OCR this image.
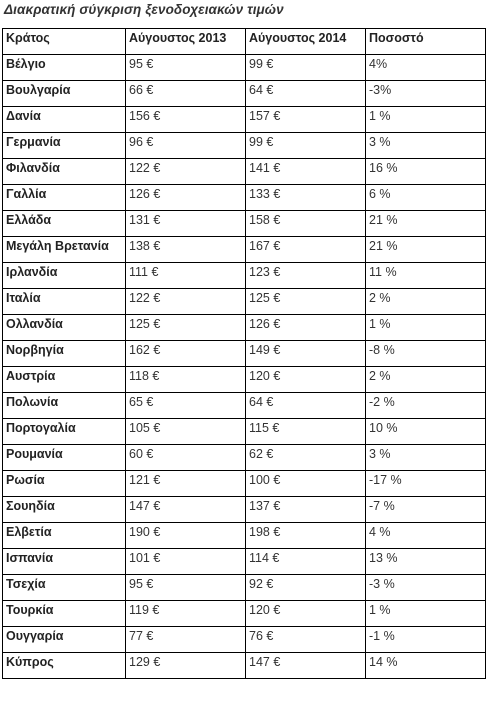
Διακρατική σύγκριση ξενοδοχειακών τιμών
Κράτος	Αύγουστος 2013	Αύγουστος 2014	Ποσοστό
Βέλγιο	95 €	99 €	4%
Βουλγαρία	66 €	64 €	-3%
Δανία	156 €	157 €	1 %
Γερμανία	96 €	99 €	3 %
Φιλανδία	122 €	141 €	16 %
Γαλλία	126 €	133 €	6 %
Ελλάδα	131 €	158 €	21 %
Μεγάλη Βρετανία	138 €	167 €	21 %
Ιρλανδία	111 €	123 €	11 %
Ιταλία	122 €	125 €	2 %
Ολλανδία	125 €	126 €	1 %
Νορβηγία	162 €	149 €	-8 %
Αυστρία	118 €	120 €	2 %
Πολωνία	65 €	64 €	-2 %
Πορτογαλία	105 €	115 €	10 %
Ρουμανία	60 €	62 €	3 %
Ρωσία	121 €	100 €	-17 %
Σουηδία	147 €	137 €	-7 %
Ελβετία	190 €	198 €	4 %
Ισπανία	101 €	114 €	13 %
Τσεχία	95 €	92 €	-3 %
Τουρκία	119 €	120 €	1 %
Ουγγαρία	77 €	76 €	-1 %
Κύπρος	129 €	147 €	14 %
